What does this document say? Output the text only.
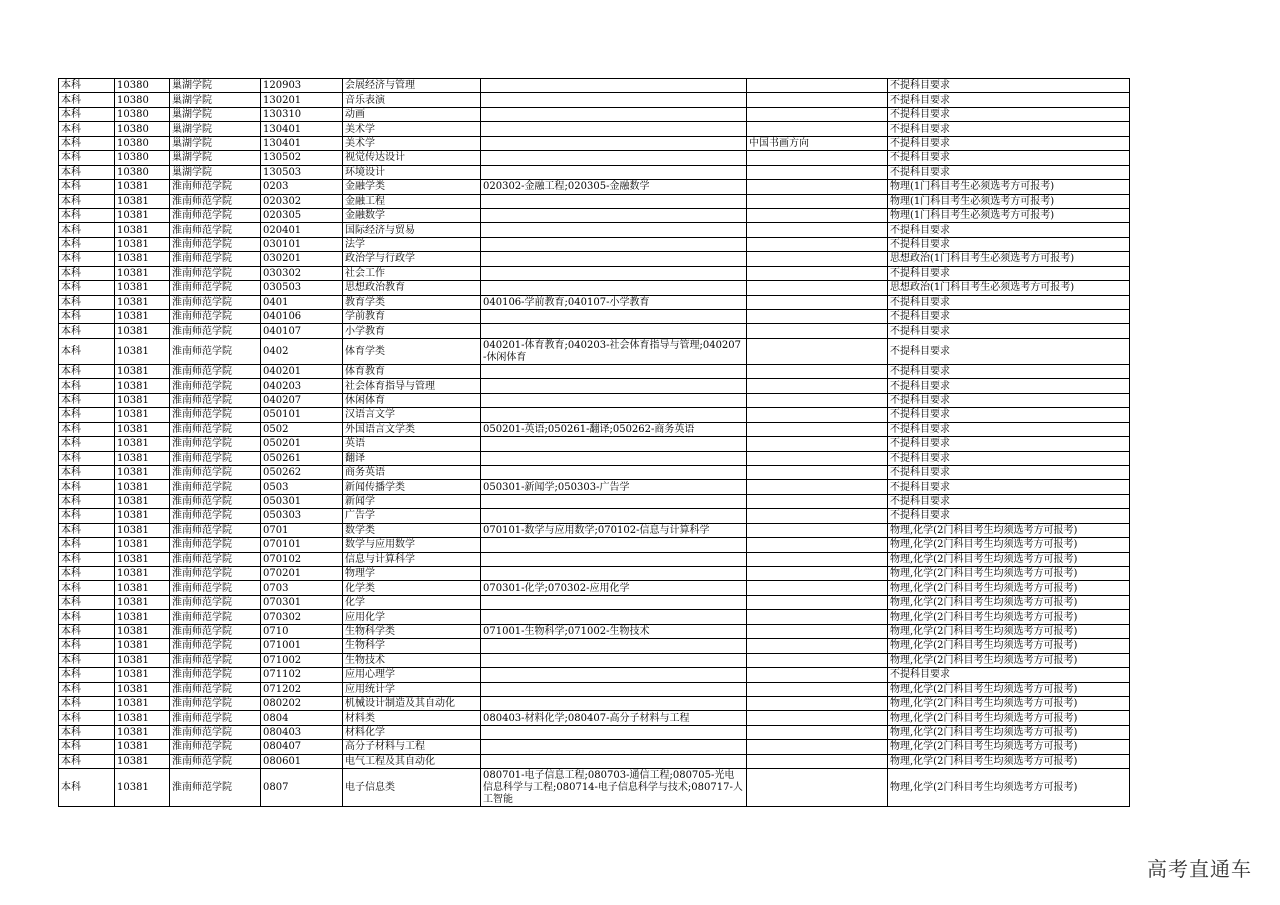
本科	10380	巢湖学院	120903	会展经济与管理			不提科目要求
本科	10380	巢湖学院	130201	音乐表演			不提科目要求
本科	10380	巢湖学院	130310	动画			不提科目要求
本科	10380	巢湖学院	130401	美术学			不提科目要求
本科	10380	巢湖学院	130401	美术学		中国书画方向	不提科目要求
本科	10380	巢湖学院	130502	视觉传达设计			不提科目要求
本科	10380	巢湖学院	130503	环境设计			不提科目要求
本科	10381	淮南师范学院	0203	金融学类	020302-金融工程;020305-金融数学		物理(1门科目考生必须选考方可报考)
本科	10381	淮南师范学院	020302	金融工程			物理(1门科目考生必须选考方可报考)
本科	10381	淮南师范学院	020305	金融数学			物理(1门科目考生必须选考方可报考)
本科	10381	淮南师范学院	020401	国际经济与贸易			不提科目要求
本科	10381	淮南师范学院	030101	法学			不提科目要求
本科	10381	淮南师范学院	030201	政治学与行政学			思想政治(1门科目考生必须选考方可报考)
本科	10381	淮南师范学院	030302	社会工作			不提科目要求
本科	10381	淮南师范学院	030503	思想政治教育			思想政治(1门科目考生必须选考方可报考)
本科	10381	淮南师范学院	0401	教育学类	040106-学前教育;040107-小学教育		不提科目要求
本科	10381	淮南师范学院	040106	学前教育			不提科目要求
本科	10381	淮南师范学院	040107	小学教育			不提科目要求
本科	10381	淮南师范学院	0402	体育学类	040201-体育教育;040203-社会体育指导与管理;040207-休闲体育		不提科目要求
本科	10381	淮南师范学院	040201	体育教育			不提科目要求
本科	10381	淮南师范学院	040203	社会体育指导与管理			不提科目要求
本科	10381	淮南师范学院	040207	休闲体育			不提科目要求
本科	10381	淮南师范学院	050101	汉语言文学			不提科目要求
本科	10381	淮南师范学院	0502	外国语言文学类	050201-英语;050261-翻译;050262-商务英语		不提科目要求
本科	10381	淮南师范学院	050201	英语			不提科目要求
本科	10381	淮南师范学院	050261	翻译			不提科目要求
本科	10381	淮南师范学院	050262	商务英语			不提科目要求
本科	10381	淮南师范学院	0503	新闻传播学类	050301-新闻学;050303-广告学		不提科目要求
本科	10381	淮南师范学院	050301	新闻学			不提科目要求
本科	10381	淮南师范学院	050303	广告学			不提科目要求
本科	10381	淮南师范学院	0701	数学类	070101-数学与应用数学;070102-信息与计算科学		物理,化学(2门科目考生均须选考方可报考)
本科	10381	淮南师范学院	070101	数学与应用数学			物理,化学(2门科目考生均须选考方可报考)
本科	10381	淮南师范学院	070102	信息与计算科学			物理,化学(2门科目考生均须选考方可报考)
本科	10381	淮南师范学院	070201	物理学			物理,化学(2门科目考生均须选考方可报考)
本科	10381	淮南师范学院	0703	化学类	070301-化学;070302-应用化学		物理,化学(2门科目考生均须选考方可报考)
本科	10381	淮南师范学院	070301	化学			物理,化学(2门科目考生均须选考方可报考)
本科	10381	淮南师范学院	070302	应用化学			物理,化学(2门科目考生均须选考方可报考)
本科	10381	淮南师范学院	0710	生物科学类	071001-生物科学;071002-生物技术		物理,化学(2门科目考生均须选考方可报考)
本科	10381	淮南师范学院	071001	生物科学			物理,化学(2门科目考生均须选考方可报考)
本科	10381	淮南师范学院	071002	生物技术			物理,化学(2门科目考生均须选考方可报考)
本科	10381	淮南师范学院	071102	应用心理学			不提科目要求
本科	10381	淮南师范学院	071202	应用统计学			物理,化学(2门科目考生均须选考方可报考)
本科	10381	淮南师范学院	080202	机械设计制造及其自动化			物理,化学(2门科目考生均须选考方可报考)
本科	10381	淮南师范学院	0804	材料类	080403-材料化学;080407-高分子材料与工程		物理,化学(2门科目考生均须选考方可报考)
本科	10381	淮南师范学院	080403	材料化学			物理,化学(2门科目考生均须选考方可报考)
本科	10381	淮南师范学院	080407	高分子材料与工程			物理,化学(2门科目考生均须选考方可报考)
本科	10381	淮南师范学院	080601	电气工程及其自动化			物理,化学(2门科目考生均须选考方可报考)
本科	10381	淮南师范学院	0807	电子信息类	080701-电子信息工程;080703-通信工程;080705-光电信息科学与工程;080714-电子信息科学与技术;080717-人工智能		物理,化学(2门科目考生均须选考方可报考)
高考直通车
